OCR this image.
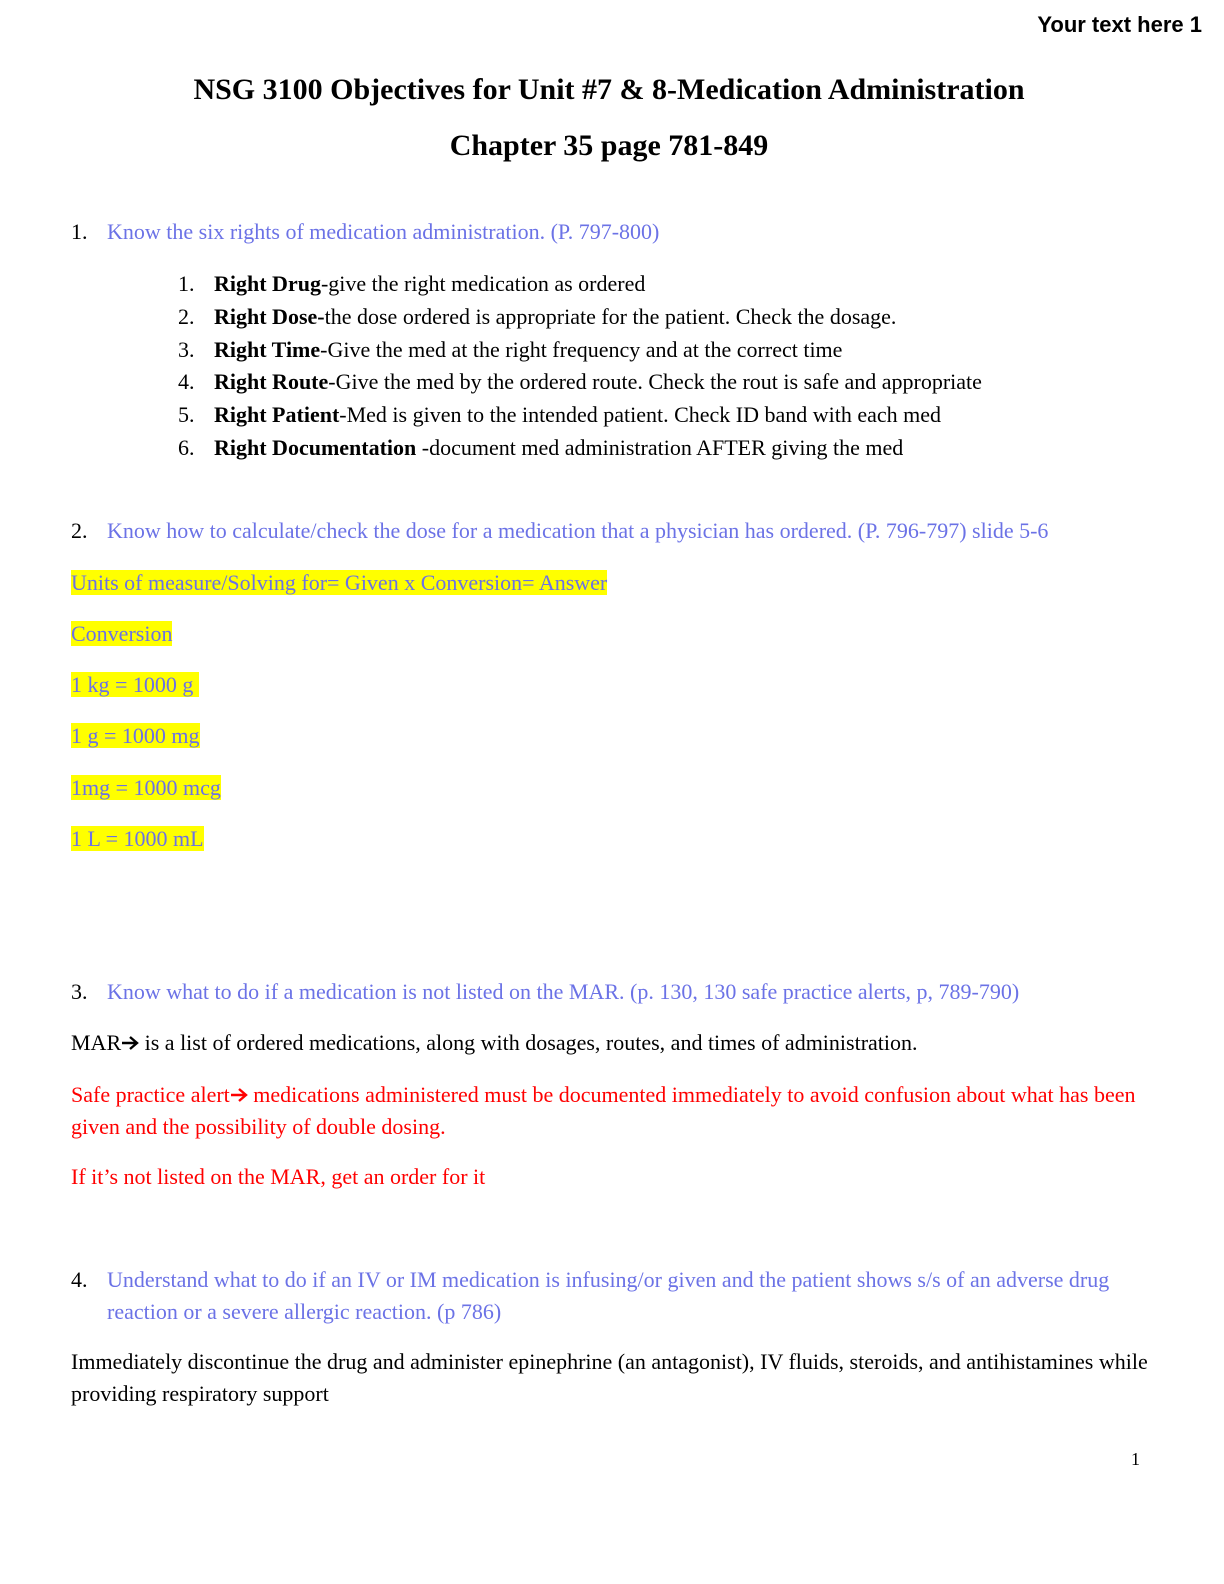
Your text here 1
NSG 3100 Objectives for Unit #7 & 8-Medication Administration
Chapter 35 page 781-849
1. Know the six rights of medication administration. (P. 797-800)
1. Right Drug-give the right medication as ordered
2. Right Dose-the dose ordered is appropriate for the patient. Check the dosage.
3. Right Time-Give the med at the right frequency and at the correct time
4. Right Route-Give the med by the ordered route. Check the rout is safe and appropriate
5. Right Patient-Med is given to the intended patient. Check ID band with each med
6. Right Documentation -document med administration AFTER giving the med
2. Know how to calculate/check the dose for a medication that a physician has ordered. (P. 796-797) slide 5-6
Units of measure/Solving for= Given x Conversion= Answer
Conversion
1 kg = 1000 g
1 g = 1000 mg
1mg = 1000 mcg
1 L = 1000 mL
3. Know what to do if a medication is not listed on the MAR. (p. 130, 130 safe practice alerts, p, 789-790)
MAR is a list of ordered medications, along with dosages, routes, and times of administration.
Safe practice alert medications administered must be documented immediately to avoid confusion about what has been given and the possibility of double dosing.
If it’s not listed on the MAR, get an order for it
4. Understand what to do if an IV or IM medication is infusing/or given and the patient shows s/s of an adverse drug reaction or a severe allergic reaction. (p 786)
Immediately discontinue the drug and administer epinephrine (an antagonist), IV fluids, steroids, and antihistamines while providing respiratory support
1
